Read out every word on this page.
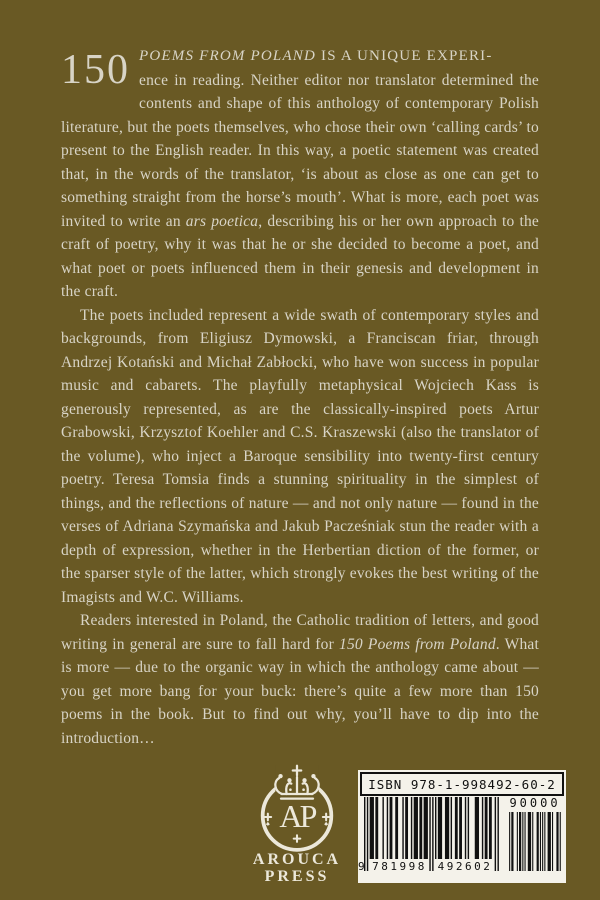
150 POEMS FROM POLAND IS A UNIQUE EXPERI-
ence in reading. Neither editor nor translator determined the contents and shape of this anthology of contemporary Polish literature, but the poets themselves, who chose their own ‘calling cards’ to present to the English reader. In this way, a poetic statement was created that, in the words of the translator, ‘is about as close as one can get to something straight from the horse’s mouth’. What is more, each poet was invited to write an ars poetica, describing his or her own approach to the craft of poetry, why it was that he or she decided to become a poet, and what poet or poets influenced them in their genesis and development in the craft.

The poets included represent a wide swath of contemporary styles and backgrounds, from Eligiusz Dymowski, a Franciscan friar, through Andrzej Kotański and Michał Zabłocki, who have won success in popular music and cabarets. The playfully metaphysical Wojciech Kass is generously represented, as are the classically-inspired poets Artur Grabowski, Krzysztof Koehler and C.S. Kraszewski (also the translator of the volume), who inject a Baroque sensibility into twenty-first century poetry. Teresa Tomsia finds a stunning spirituality in the simplest of things, and the reflections of nature — and not only nature — found in the verses of Adriana Szymańska and Jakub Pacześniak stun the reader with a depth of expression, whether in the Herbertian diction of the former, or the sparser style of the latter, which strongly evokes the best writing of the Imagists and W.C. Williams.

Readers interested in Poland, the Catholic tradition of letters, and good writing in general are sure to fall hard for 150 Poems from Poland. What is more — due to the organic way in which the anthology came about — you get more bang for your buck: there’s quite a few more than 150 poems in the book. But to find out why, you’ll have to dip into the introduction…

AP
AROUCA
PRESS
ISBN 978-1-998492-60-2
90000
9 781998 492602
